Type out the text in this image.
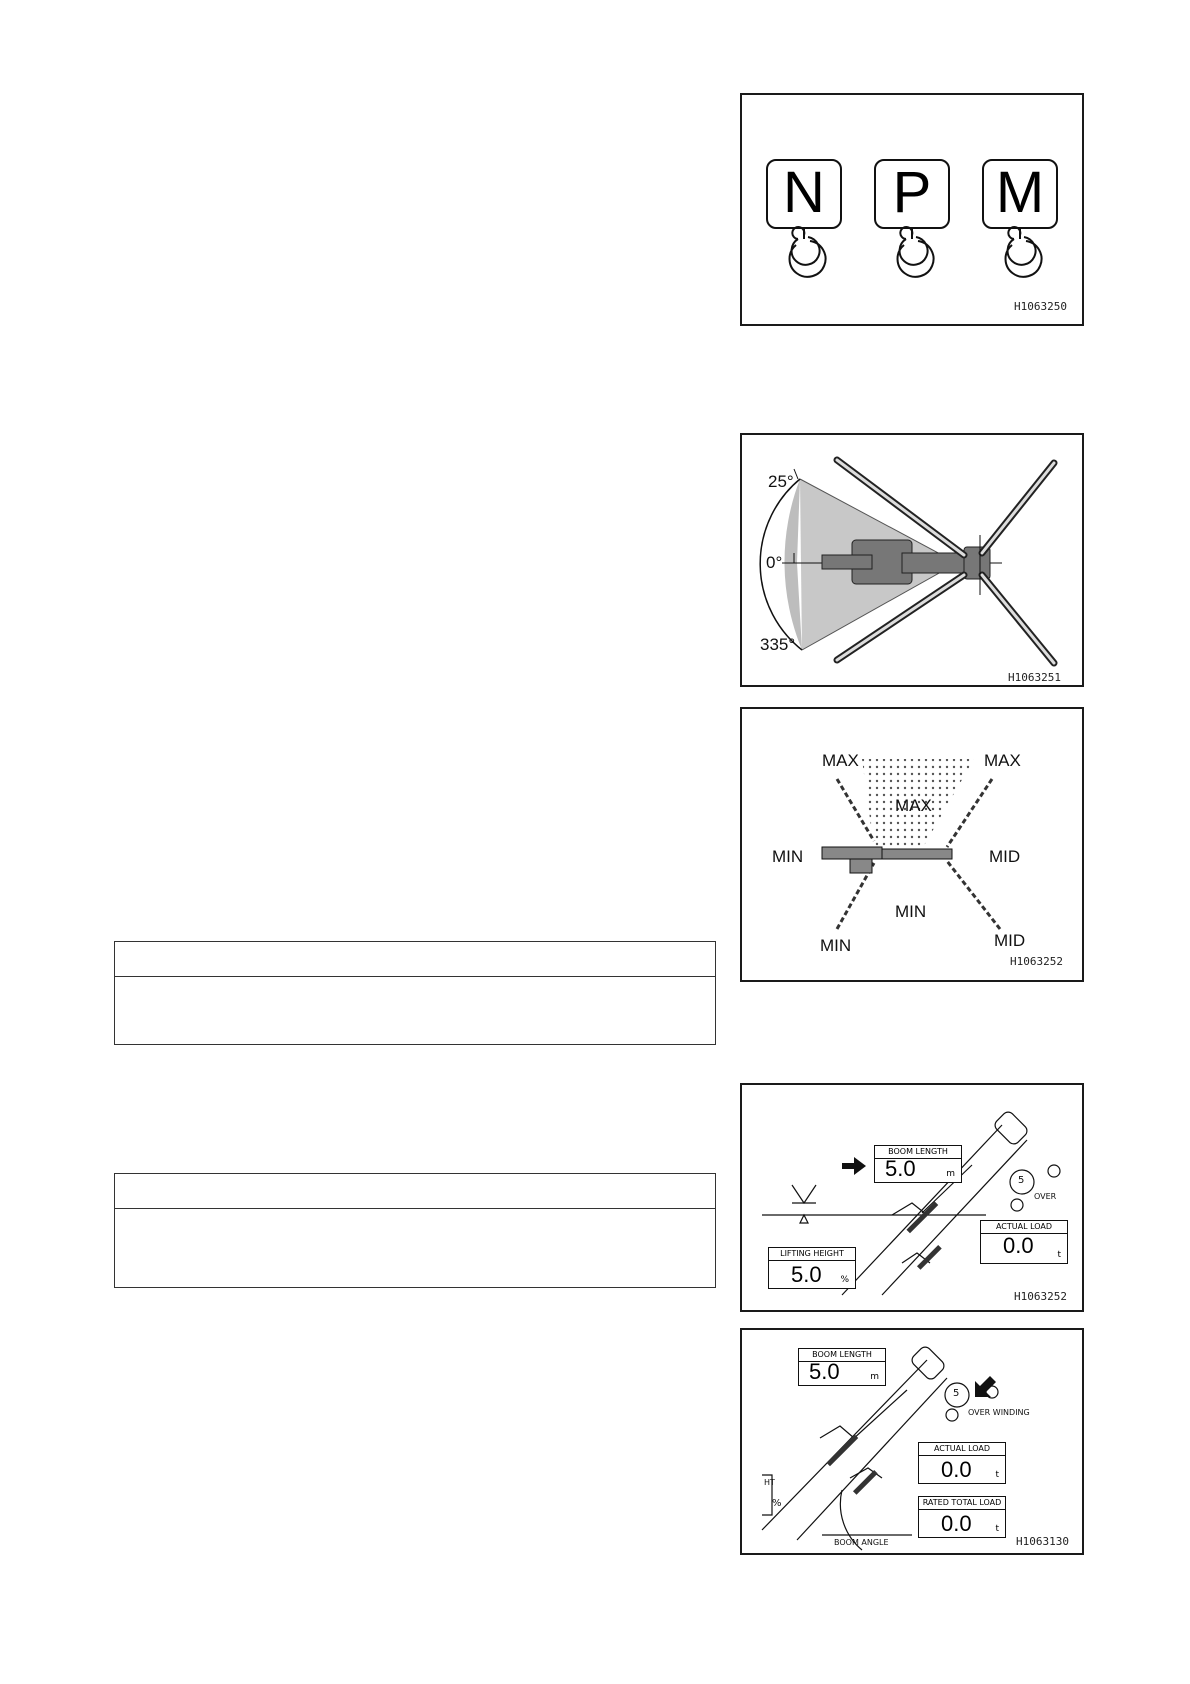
N	P	M
H1063250
25°
0°
335°
H1063251
MAX	MAX
MAX
MIN	MID
MIN
MIN	MID
H1063252
5
OVER
BOOM LENGTH
5.0	m
ACTUAL LOAD
0.0	t
LIFTING HEIGHT
5.0 %
H1063252
5
OVER WINDING
BOOM LENGTH
5.0	m
ACTUAL LOAD
0.0	t
RATED TOTAL LOAD
0.0	t
HT
%
BOOM ANGLE	H1063130
